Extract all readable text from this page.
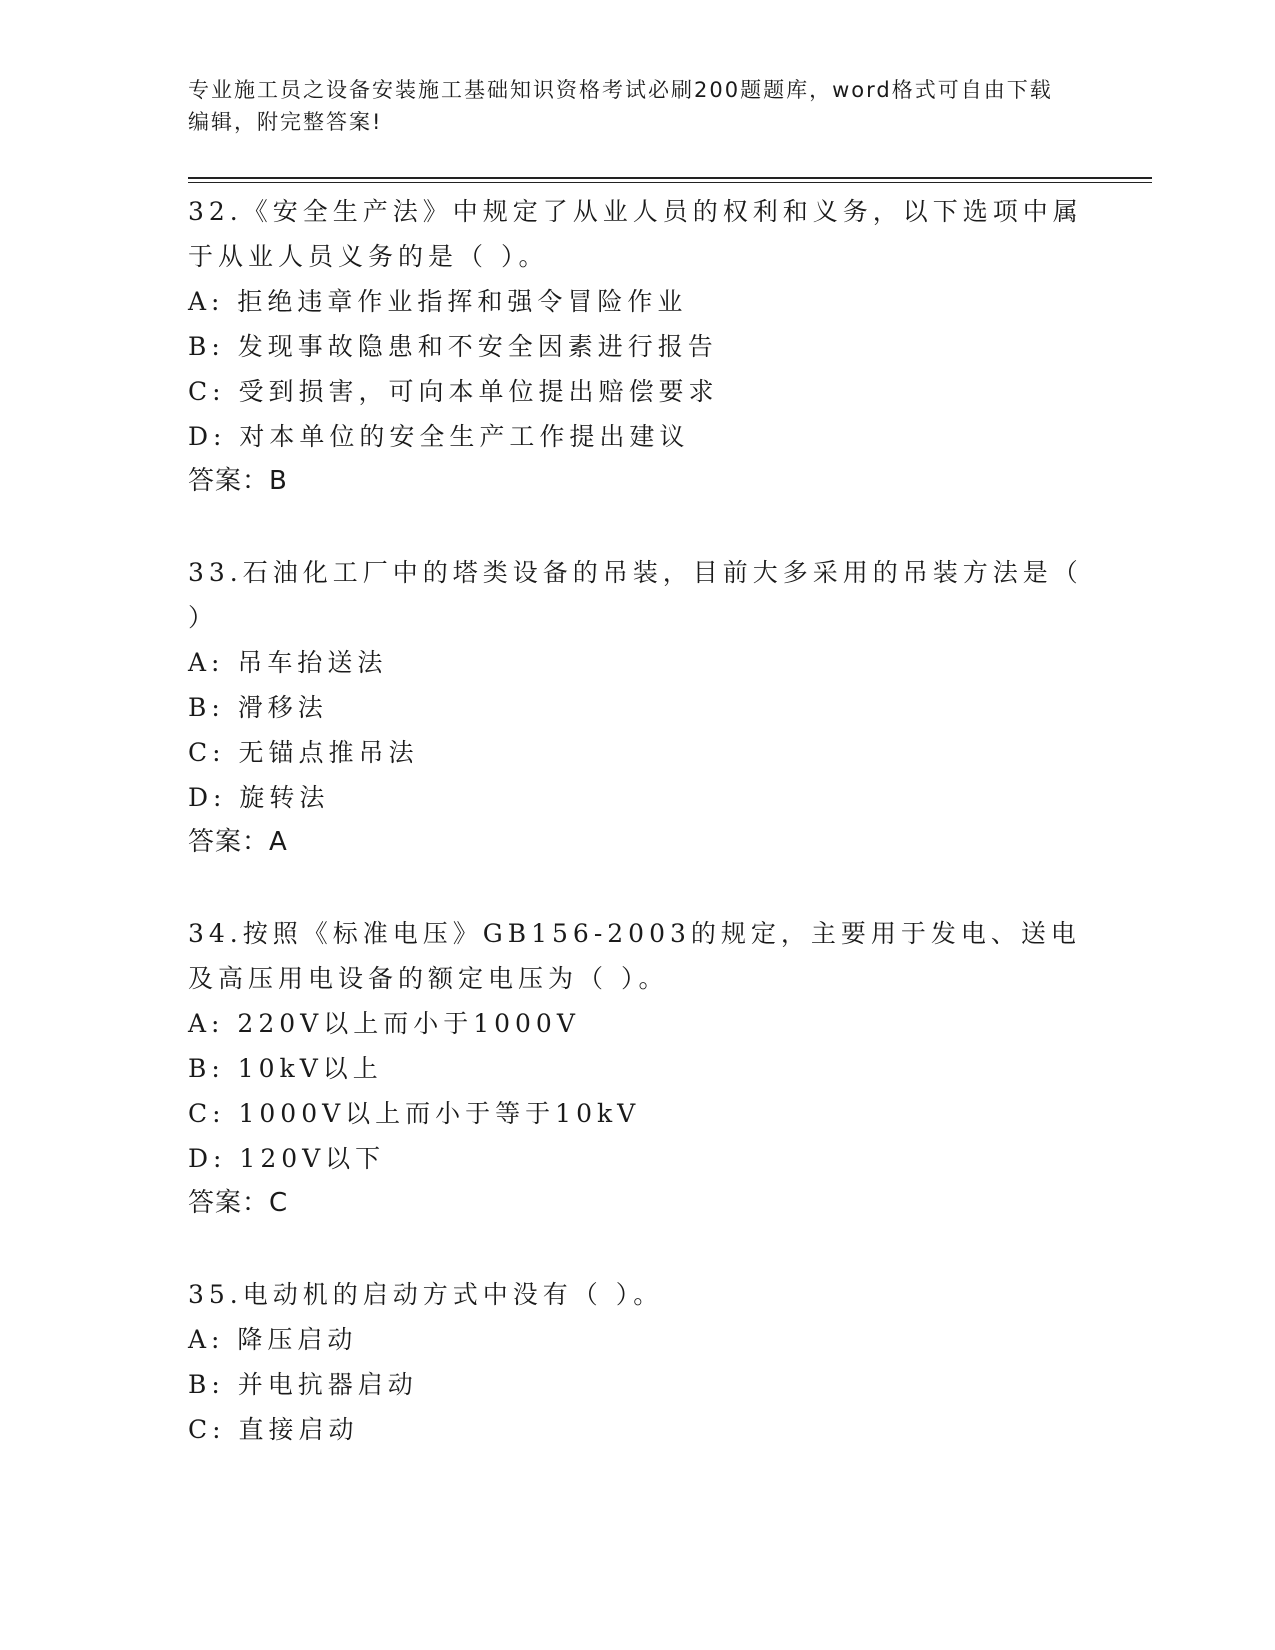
专业施工员之设备安装施工基础知识资格考试必刷200题题库，word格式可自由下载编辑，附完整答案!
32.《安全生产法》中规定了从业人员的权利和义务，以下选项中属于从业人员义务的是（ ）。
A: 拒绝违章作业指挥和强令冒险作业
B: 发现事故隐患和不安全因素进行报告
C: 受到损害，可向本单位提出赔偿要求
D: 对本单位的安全生产工作提出建议
答案：B
33.石油化工厂中的塔类设备的吊装，目前大多采用的吊装方法是（ ）
A: 吊车抬送法
B: 滑移法
C: 无锚点推吊法
D: 旋转法
答案：A
34.按照《标准电压》GB156-2003的规定，主要用于发电、送电及高压用电设备的额定电压为（ ）。
A: 220V以上而小于1000V
B: 10kV以上
C: 1000V以上而小于等于10kV
D: 120V以下
答案：C
35.电动机的启动方式中没有（ ）。
A: 降压启动
B: 并电抗器启动
C: 直接启动
